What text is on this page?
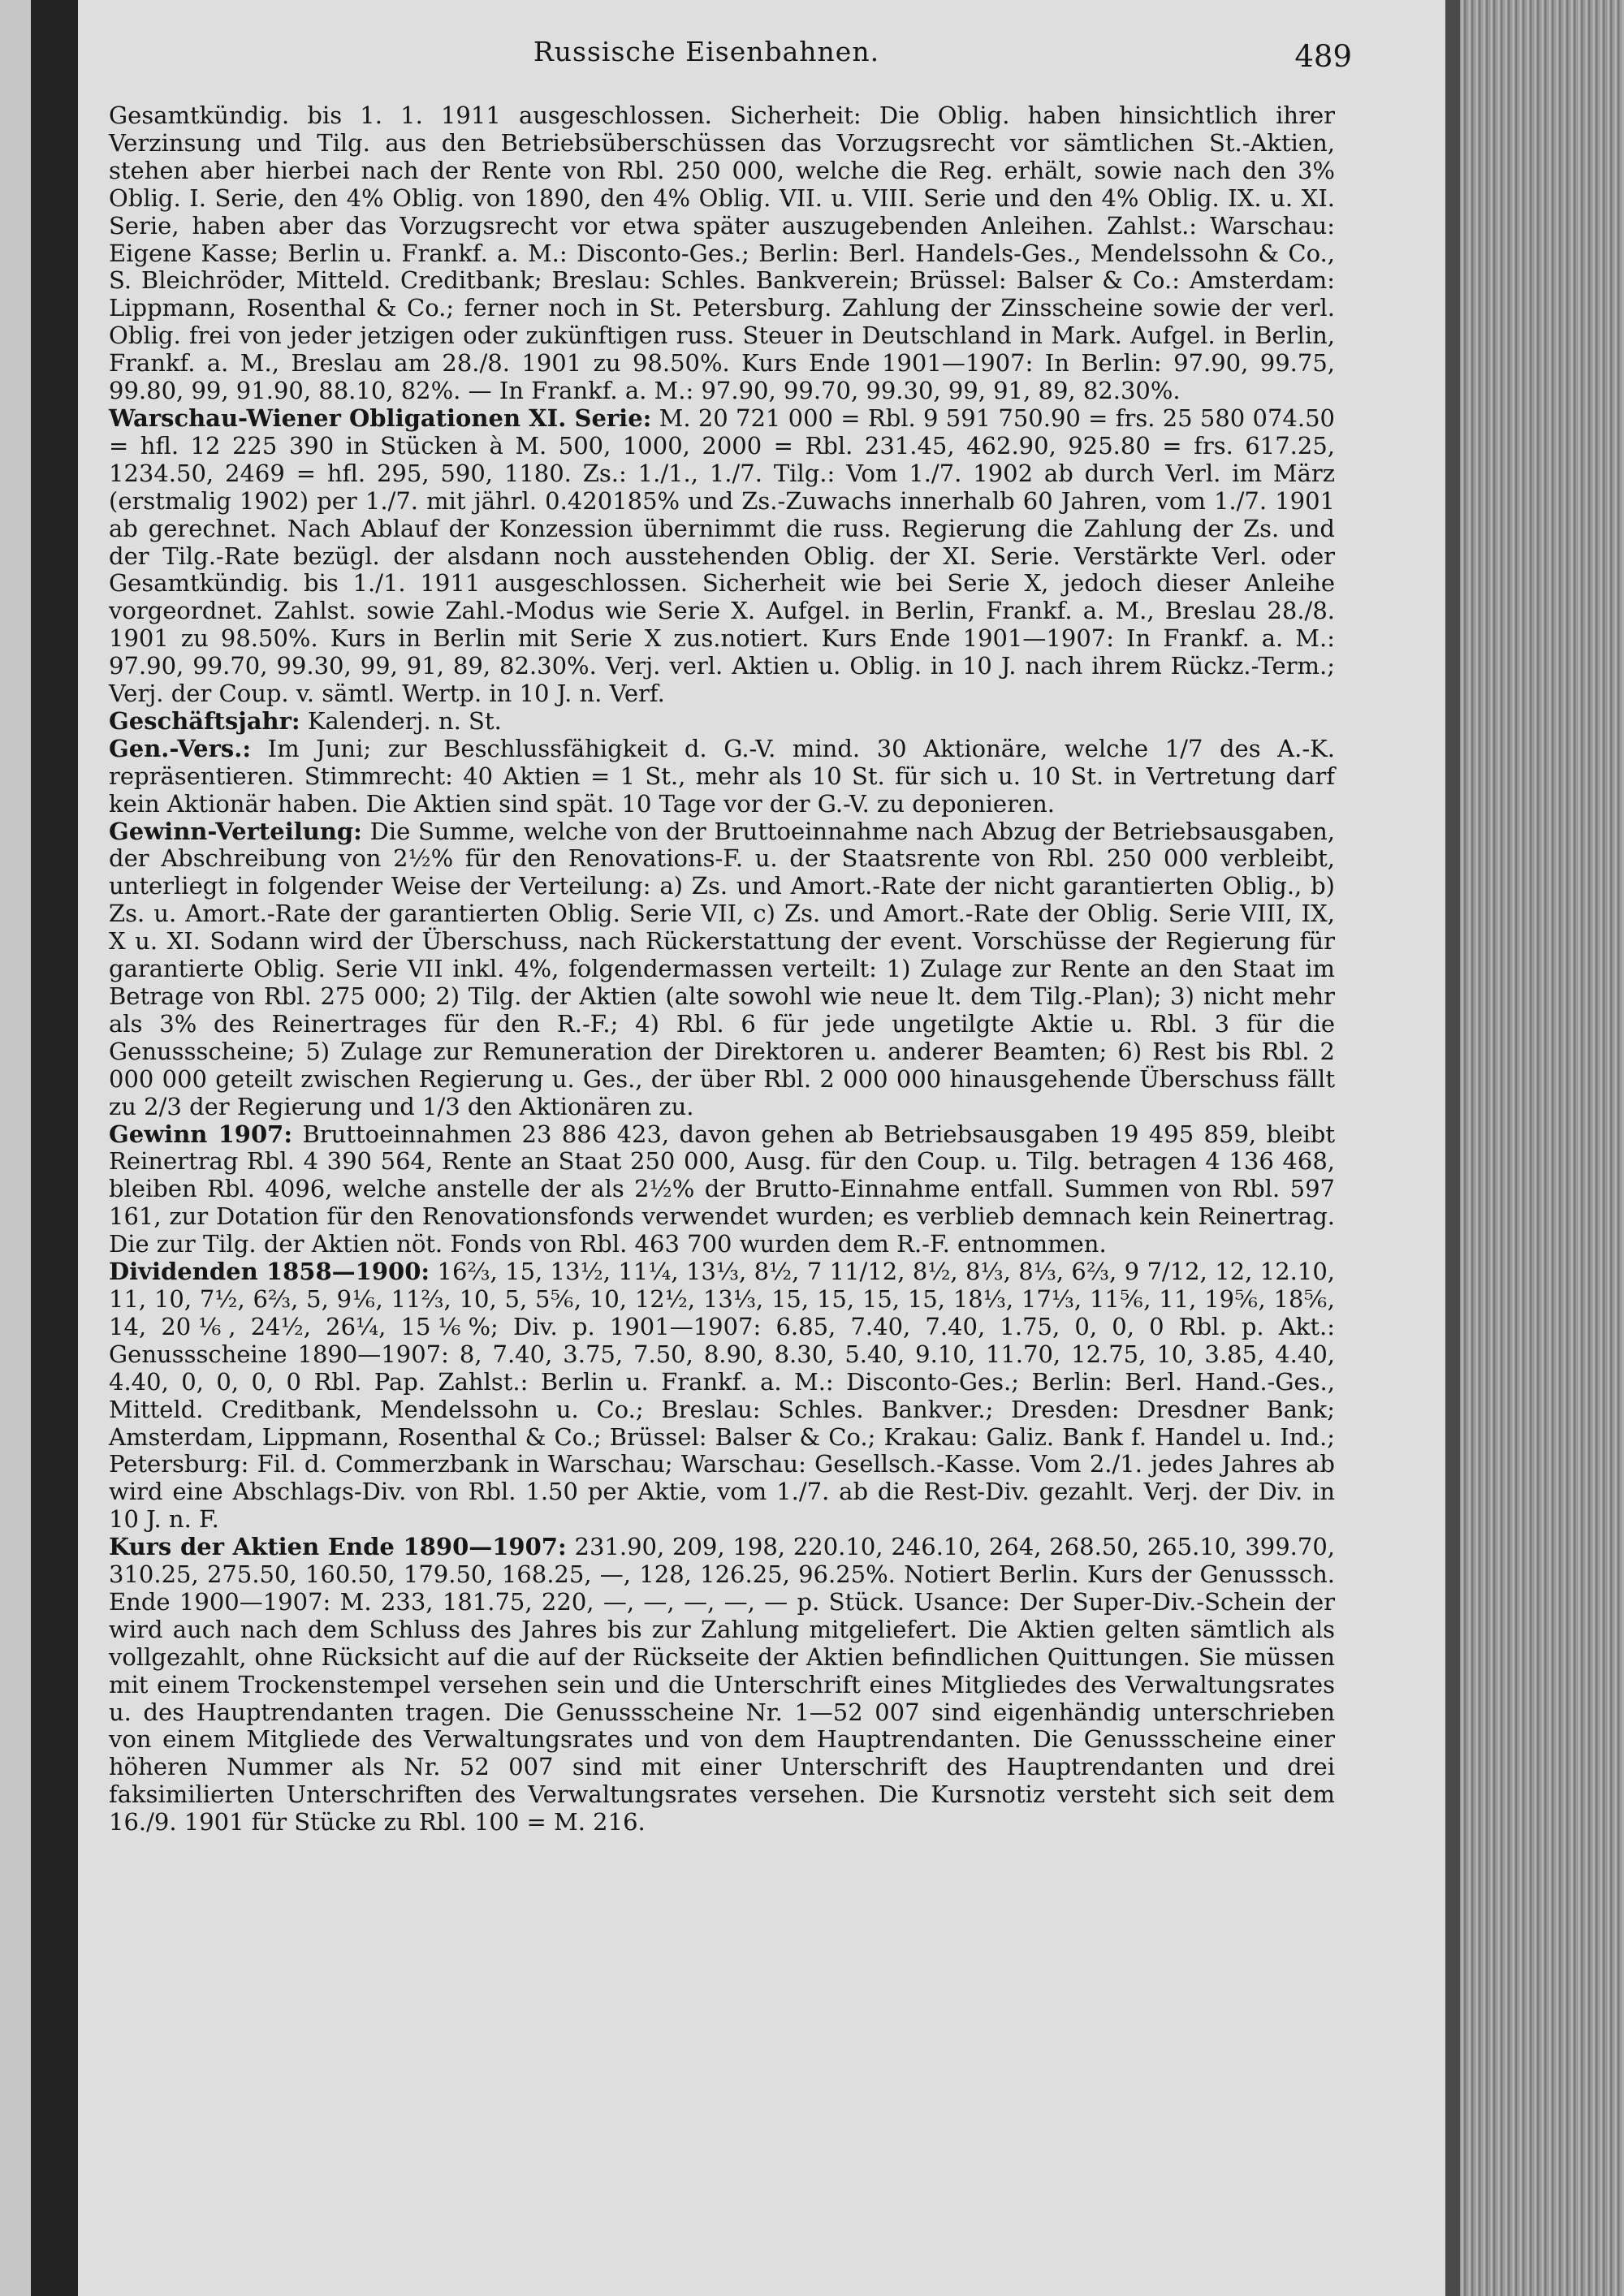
Russische Eisenbahnen.	489

Gesamtkündig. bis 1. 1. 1911 ausgeschlossen. Sicherheit: Die Oblig. haben hinsichtlich ihrer Verzinsung und Tilg. aus den Betriebsüberschüssen das Vorzugsrecht vor sämtlichen St.-Aktien, stehen aber hierbei nach der Rente von Rbl. 250 000, welche die Reg. erhält, sowie nach den 3% Oblig. I. Serie, den 4% Oblig. von 1890, den 4% Oblig. VII. u. VIII. Serie und den 4% Oblig. IX. u. XI. Serie, haben aber das Vorzugsrecht vor etwa später auszugebenden Anleihen. Zahlst.: Warschau: Eigene Kasse; Berlin u. Frankf. a. M.: Disconto-Ges.; Berlin: Berl. Handels-Ges., Mendelssohn & Co., S. Bleichröder, Mitteld. Creditbank; Breslau: Schles. Bankverein; Brüssel: Balser & Co.: Amsterdam: Lippmann, Rosenthal & Co.; ferner noch in St. Petersburg. Zahlung der Zinsscheine sowie der verl. Oblig. frei von jeder jetzigen oder zukünftigen russ. Steuer in Deutschland in Mark. Aufgel. in Berlin, Frankf. a. M., Breslau am 28./8. 1901 zu 98.50%. Kurs Ende 1901—1907: In Berlin: 97.90, 99.75, 99.80, 99, 91.90, 88.10, 82%. — In Frankf. a. M.: 97.90, 99.70, 99.30, 99, 91, 89, 82.30%.

Warschau-Wiener Obligationen XI. Serie: M. 20 721 000 = Rbl. 9 591 750.90 = frs. 25 580 074.50 = hfl. 12 225 390 in Stücken à M. 500, 1000, 2000 = Rbl. 231.45, 462.90, 925.80 = frs. 617.25, 1234.50, 2469 = hfl. 295, 590, 1180. Zs.: 1./1., 1./7. Tilg.: Vom 1./7. 1902 ab durch Verl. im März (erstmalig 1902) per 1./7. mit jährl. 0.420185% und Zs.-Zuwachs innerhalb 60 Jahren, vom 1./7. 1901 ab gerechnet. Nach Ablauf der Konzession übernimmt die russ. Regierung die Zahlung der Zs. und der Tilg.-Rate bezügl. der alsdann noch ausstehenden Oblig. der XI. Serie. Verstärkte Verl. oder Gesamtkündig. bis 1./1. 1911 ausgeschlossen. Sicherheit wie bei Serie X, jedoch dieser Anleihe vorgeordnet. Zahlst. sowie Zahl.-Modus wie Serie X. Aufgel. in Berlin, Frankf. a. M., Breslau 28./8. 1901 zu 98.50%. Kurs in Berlin mit Serie X zus.notiert. Kurs Ende 1901—1907: In Frankf. a. M.: 97.90, 99.70, 99.30, 99, 91, 89, 82.30%. Verj. verl. Aktien u. Oblig. in 10 J. nach ihrem Rückz.-Term.; Verj. der Coup. v. sämtl. Wertp. in 10 J. n. Verf.

Geschäftsjahr: Kalenderj. n. St.

Gen.-Vers.: Im Juni; zur Beschlussfähigkeit d. G.-V. mind. 30 Aktionäre, welche 1/7 des A.-K. repräsentieren. Stimmrecht: 40 Aktien = 1 St., mehr als 10 St. für sich u. 10 St. in Vertretung darf kein Aktionär haben. Die Aktien sind spät. 10 Tage vor der G.-V. zu deponieren.

Gewinn-Verteilung: Die Summe, welche von der Bruttoeinnahme nach Abzug der Betriebsausgaben, der Abschreibung von 2½% für den Renovations-F. u. der Staatsrente von Rbl. 250 000 verbleibt, unterliegt in folgender Weise der Verteilung: a) Zs. und Amort.-Rate der nicht garantierten Oblig., b) Zs. u. Amort.-Rate der garantierten Oblig. Serie VII, c) Zs. und Amort.-Rate der Oblig. Serie VIII, IX, X u. XI. Sodann wird der Überschuss, nach Rückerstattung der event. Vorschüsse der Regierung für garantierte Oblig. Serie VII inkl. 4%, folgendermassen verteilt: 1) Zulage zur Rente an den Staat im Betrage von Rbl. 275 000; 2) Tilg. der Aktien (alte sowohl wie neue lt. dem Tilg.-Plan); 3) nicht mehr als 3% des Reinertrages für den R.-F.; 4) Rbl. 6 für jede ungetilgte Aktie u. Rbl. 3 für die Genussscheine; 5) Zulage zur Remuneration der Direktoren u. anderer Beamten; 6) Rest bis Rbl. 2 000 000 geteilt zwischen Regierung u. Ges., der über Rbl. 2 000 000 hinausgehende Überschuss fällt zu 2/3 der Regierung und 1/3 den Aktionären zu.

Gewinn 1907: Bruttoeinnahmen 23 886 423, davon gehen ab Betriebsausgaben 19 495 859, bleibt Reinertrag Rbl. 4 390 564, Rente an Staat 250 000, Ausg. für den Coup. u. Tilg. betragen 4 136 468, bleiben Rbl. 4096, welche anstelle der als 2½% der Brutto-Einnahme entfall. Summen von Rbl. 597 161, zur Dotation für den Renovationsfonds verwendet wurden; es verblieb demnach kein Reinertrag. Die zur Tilg. der Aktien nöt. Fonds von Rbl. 463 700 wurden dem R.-F. entnommen.

Dividenden 1858—1900: 16⅔, 15, 13½, 11¼, 13⅓, 8½, 7 11/12, 8½, 8⅓, 8⅓, 6⅔, 9 7/12, 12, 12.10, 11, 10, 7½, 6⅔, 5, 9⅙, 11⅔, 10, 5, 5⅚, 10, 12½, 13⅓, 15, 15, 15, 15, 18⅓, 17⅓, 11⅚, 11, 19⅚, 18⅚, 14, 20⅙, 24½, 26¼, 15⅙%; Div. p. 1901—1907: 6.85, 7.40, 7.40, 1.75, 0, 0, 0 Rbl. p. Akt.: Genussscheine 1890—1907: 8, 7.40, 3.75, 7.50, 8.90, 8.30, 5.40, 9.10, 11.70, 12.75, 10, 3.85, 4.40, 4.40, 0, 0, 0, 0 Rbl. Pap. Zahlst.: Berlin u. Frankf. a. M.: Disconto-Ges.; Berlin: Berl. Hand.-Ges., Mitteld. Creditbank, Mendelssohn u. Co.; Breslau: Schles. Bankver.; Dresden: Dresdner Bank; Amsterdam, Lippmann, Rosenthal & Co.; Brüssel: Balser & Co.; Krakau: Galiz. Bank f. Handel u. Ind.; Petersburg: Fil. d. Commerzbank in Warschau; Warschau: Gesellsch.-Kasse. Vom 2./1. jedes Jahres ab wird eine Abschlags-Div. von Rbl. 1.50 per Aktie, vom 1./7. ab die Rest-Div. gezahlt. Verj. der Div. in 10 J. n. F.

Kurs der Aktien Ende 1890—1907: 231.90, 209, 198, 220.10, 246.10, 264, 268.50, 265.10, 399.70, 310.25, 275.50, 160.50, 179.50, 168.25, —, 128, 126.25, 96.25%. Notiert Berlin. Kurs der Genusssch. Ende 1900—1907: M. 233, 181.75, 220, —, —, —, —, — p. Stück. Usance: Der Super-Div.-Schein der wird auch nach dem Schluss des Jahres bis zur Zahlung mitgeliefert. Die Aktien gelten sämtlich als vollgezahlt, ohne Rücksicht auf die auf der Rückseite der Aktien befindlichen Quittungen. Sie müssen mit einem Trockenstempel versehen sein und die Unterschrift eines Mitgliedes des Verwaltungsrates u. des Hauptrendanten tragen. Die Genussscheine Nr. 1—52 007 sind eigenhändig unterschrieben von einem Mitgliede des Verwaltungsrates und von dem Hauptrendanten. Die Genussscheine einer höheren Nummer als Nr. 52 007 sind mit einer Unterschrift des Hauptrendanten und drei faksimilierten Unterschriften des Verwaltungsrates versehen. Die Kursnotiz versteht sich seit dem 16./9. 1901 für Stücke zu Rbl. 100 = M. 216.
